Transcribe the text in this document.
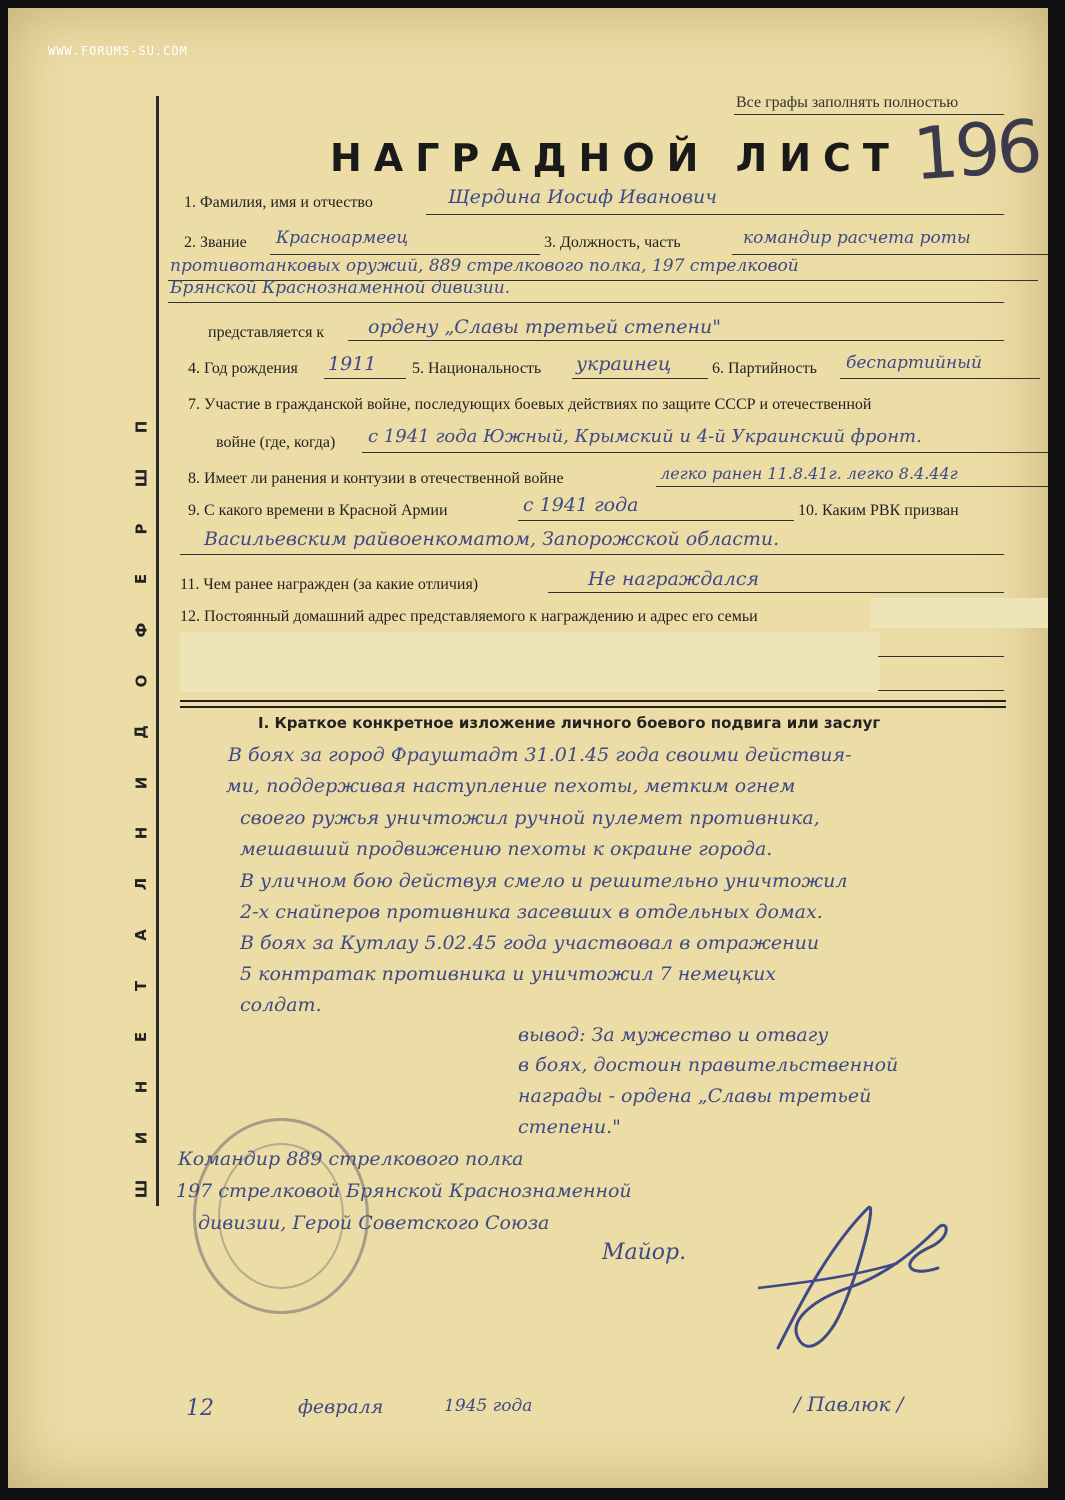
WWW.FORUMS-SU.COM
П
Ш
Р
Е
Ф
О
Д
И
Н
Л
А
Т
Е
Н
И
Ш
Все графы заполнять полностью
НАГРАДНОЙ ЛИСТ 196
1. Фамилия, имя и отчество	Щердина Иосиф Иванович
2. Звание Красноармеец	3. Должность, часть	командир расчета роты
противотанковых оружий, 889 стрелкового полка, 197 стрелковой
Брянской Краснознаменной дивизии.
представляется к ордену „Славы третьей степени"
4. Год рождения 1911 5. Национальность украинец	6. Партийность беспартийный
7. Участие в гражданской войне, последующих боевых действиях по защите СССР и отечественной
войне (где, когда) с 1941 года Южный, Крымский и 4-й Украинский фронт.
8. Имеет ли ранения и контузии в отечественной войне	легко ранен 11.8.41г. легко 8.4.44г
9. С какого времени в Красной Армии	с 1941 года	10. Каким РВК призван
Васильевским райвоенкоматом, Запорожской области.
11. Чем ранее награжден (за какие отличия)	Не награждался
12. Постоянный домашний адрес представляемого к награждению и адрес его семьи
I. Краткое конкретное изложение личного боевого подвига или заслуг
В боях за город Фрауштадт 31.01.45 года своими действия-
ми, поддерживая наступление пехоты, метким огнем
своего ружья уничтожил ручной пулемет противника,
мешавший продвижению пехоты к окраине города.
В уличном бою действуя смело и решительно уничтожил
2-х снайперов противника засевших в отдельных домах.
В боях за Кутлау 5.02.45 года участвовал в отражении
5 контратак противника и уничтожил 7 немецких
солдат.
вывод: За мужество и отвагу
в боях, достоин правительственной
награды - ордена „Славы третьей
степени."
Командир 889 стрелкового полка
197 стрелковой Брянской Краснознаменной
дивизии, Герой Советского Союза
Майор.
12	февраля	1945 года	/ Павлюк /
